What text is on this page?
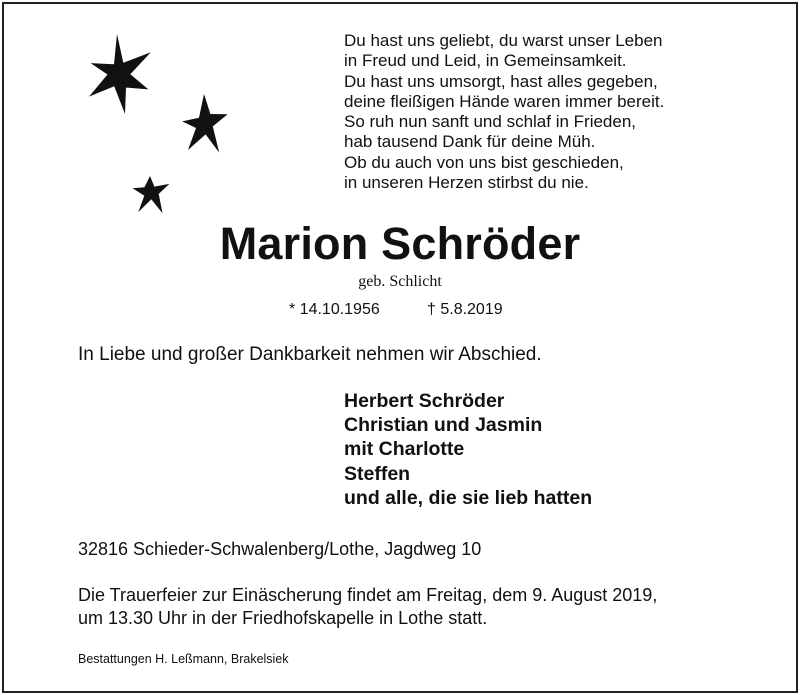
Du hast uns geliebt, du warst unser Leben
in Freud und Leid, in Gemeinsamkeit.
Du hast uns umsorgt, hast alles gegeben,
deine fleißigen Hände waren immer bereit.
So ruh nun sanft und schlaf in Frieden,
hab tausend Dank für deine Müh.
Ob du auch von uns bist geschieden,
in unseren Herzen stirbst du nie.
Marion Schröder
geb. Schlicht
* 14.10.1956	† 5.8.2019
In Liebe und großer Dankbarkeit nehmen wir Abschied.
Herbert Schröder
Christian und Jasmin
mit Charlotte
Steffen
und alle, die sie lieb hatten
32816 Schieder-Schwalenberg/Lothe, Jagdweg 10
Die Trauerfeier zur Einäscherung findet am Freitag, dem 9. August 2019,
um 13.30 Uhr in der Friedhofskapelle in Lothe statt.
Bestattungen H. Leßmann, Brakelsiek
